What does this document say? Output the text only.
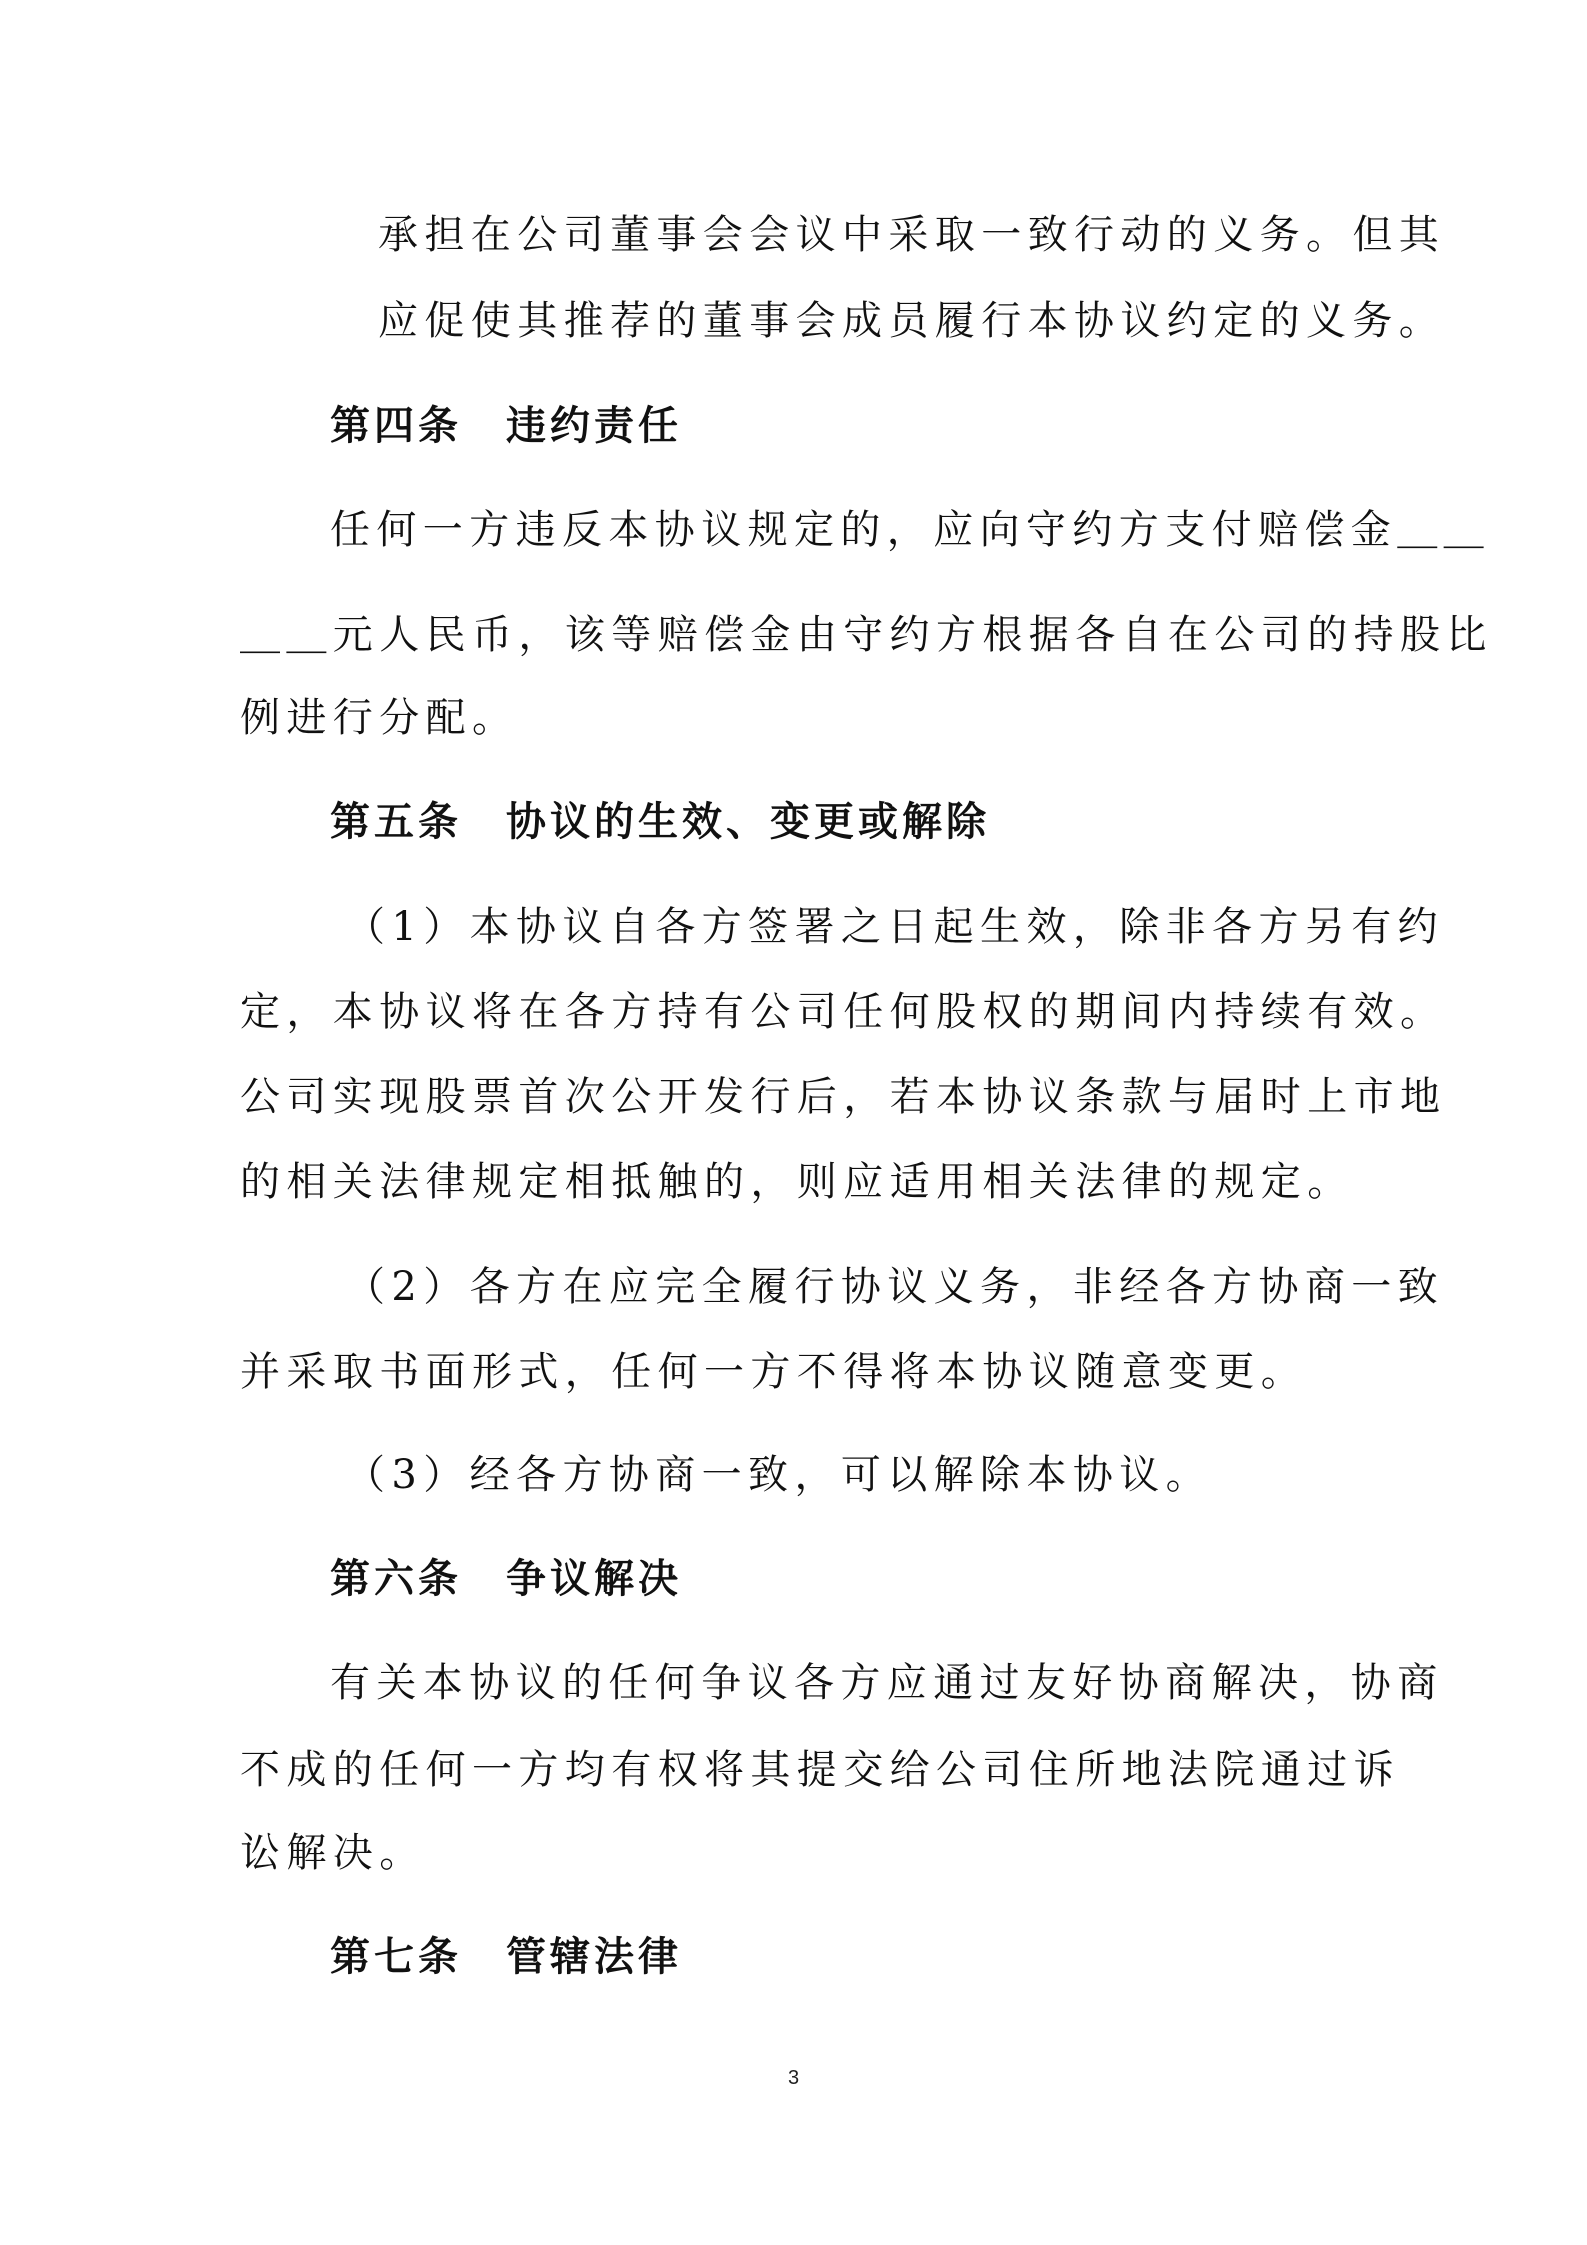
承担在公司董事会会议中采取一致行动的义务。但其
应促使其推荐的董事会成员履行本协议约定的义务。
第四条　违约责任
任何一方违反本协议规定的，应向守约方支付赔偿金＿＿
＿＿元人民币，该等赔偿金由守约方根据各自在公司的持股比
例进行分配。
第五条　协议的生效、变更或解除
（1）本协议自各方签署之日起生效，除非各方另有约
定，本协议将在各方持有公司任何股权的期间内持续有效。
公司实现股票首次公开发行后，若本协议条款与届时上市地
的相关法律规定相抵触的，则应适用相关法律的规定。
（2）各方在应完全履行协议义务，非经各方协商一致
并采取书面形式，任何一方不得将本协议随意变更。
（3）经各方协商一致，可以解除本协议。
第六条　争议解决
有关本协议的任何争议各方应通过友好协商解决，协商
不成的任何一方均有权将其提交给公司住所地法院通过诉
讼解决。
第七条　管辖法律
3
